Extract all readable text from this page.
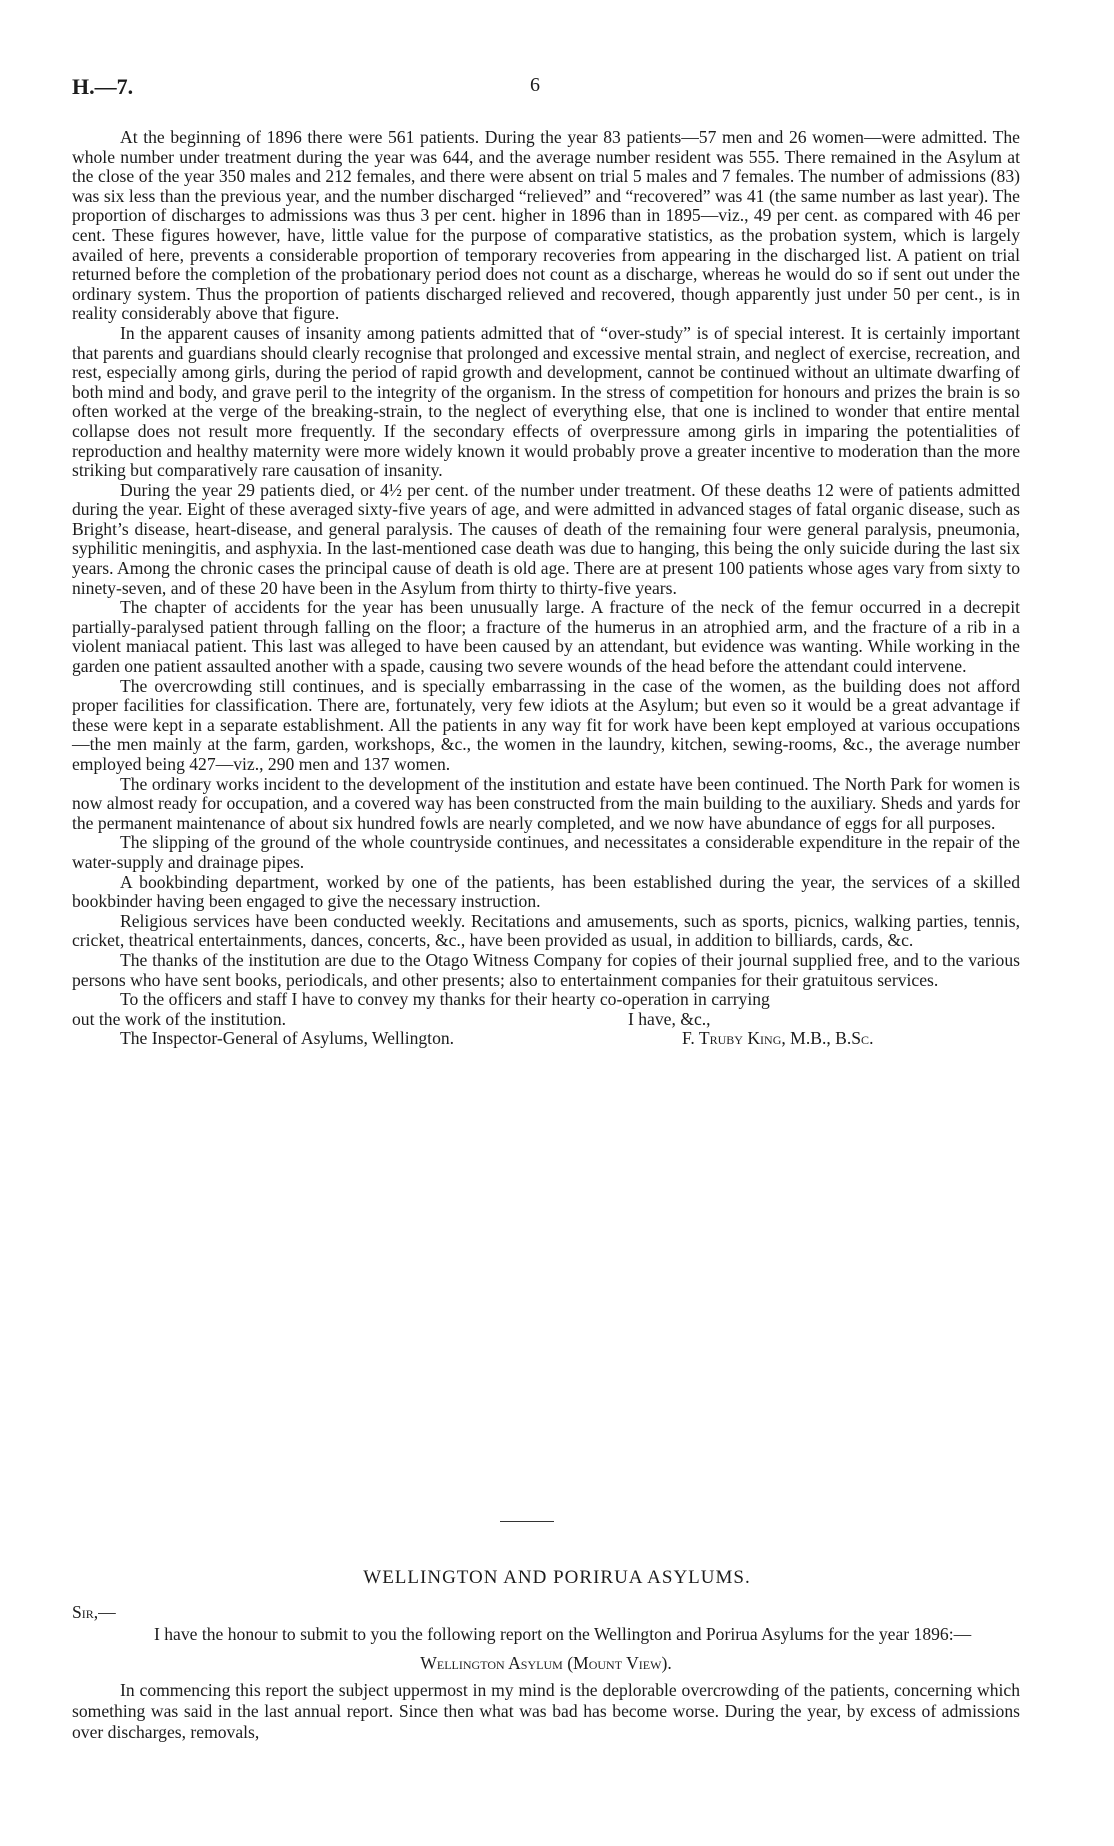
H.—7.	6

At the beginning of 1896 there were 561 patients. During the year 83 patients—57 men and 26 women—were admitted. The whole number under treatment during the year was 644, and the average number resident was 555. There remained in the Asylum at the close of the year 350 males and 212 females, and there were absent on trial 5 males and 7 females. The number of admissions (83) was six less than the previous year, and the number discharged “relieved” and “recovered” was 41 (the same number as last year). The proportion of discharges to admissions was thus 3 per cent. higher in 1896 than in 1895—viz., 49 per cent. as compared with 46 per cent. These figures however, have, little value for the purpose of comparative statistics, as the probation system, which is largely availed of here, prevents a considerable proportion of temporary recoveries from appearing in the discharged list. A patient on trial returned before the completion of the probationary period does not count as a discharge, whereas he would do so if sent out under the ordinary system. Thus the proportion of patients discharged relieved and recovered, though apparently just under 50 per cent., is in reality considerably above that figure.

In the apparent causes of insanity among patients admitted that of “over-study” is of special interest. It is certainly important that parents and guardians should clearly recognise that prolonged and excessive mental strain, and neglect of exercise, recreation, and rest, especially among girls, during the period of rapid growth and development, cannot be continued without an ultimate dwarfing of both mind and body, and grave peril to the integrity of the organism. In the stress of competition for honours and prizes the brain is so often worked at the verge of the breaking-strain, to the neglect of everything else, that one is inclined to wonder that entire mental collapse does not result more frequently. If the secondary effects of overpressure among girls in imparing the potentialities of reproduction and healthy maternity were more widely known it would probably prove a greater incentive to moderation than the more striking but comparatively rare causation of insanity.

During the year 29 patients died, or 4½ per cent. of the number under treatment. Of these deaths 12 were of patients admitted during the year. Eight of these averaged sixty-five years of age, and were admitted in advanced stages of fatal organic disease, such as Bright’s disease, heart-disease, and general paralysis. The causes of death of the remaining four were general paralysis, pneumonia, syphilitic meningitis, and asphyxia. In the last-mentioned case death was due to hanging, this being the only suicide during the last six years. Among the chronic cases the principal cause of death is old age. There are at present 100 patients whose ages vary from sixty to ninety-seven, and of these 20 have been in the Asylum from thirty to thirty-five years.

The chapter of accidents for the year has been unusually large. A fracture of the neck of the femur occurred in a decrepit partially-paralysed patient through falling on the floor; a fracture of the humerus in an atrophied arm, and the fracture of a rib in a violent maniacal patient. This last was alleged to have been caused by an attendant, but evidence was wanting. While working in the garden one patient assaulted another with a spade, causing two severe wounds of the head before the attendant could intervene.

The overcrowding still continues, and is specially embarrassing in the case of the women, as the building does not afford proper facilities for classification. There are, fortunately, very few idiots at the Asylum; but even so it would be a great advantage if these were kept in a separate establishment. All the patients in any way fit for work have been kept employed at various occupations—the men mainly at the farm, garden, workshops, &c., the women in the laundry, kitchen, sewing-rooms, &c., the average number employed being 427—viz., 290 men and 137 women.

The ordinary works incident to the development of the institution and estate have been continued. The North Park for women is now almost ready for occupation, and a covered way has been constructed from the main building to the auxiliary. Sheds and yards for the permanent maintenance of about six hundred fowls are nearly completed, and we now have abundance of eggs for all purposes.

The slipping of the ground of the whole countryside continues, and necessitates a considerable expenditure in the repair of the water-supply and drainage pipes.

A bookbinding department, worked by one of the patients, has been established during the year, the services of a skilled bookbinder having been engaged to give the necessary instruction.

Religious services have been conducted weekly. Recitations and amusements, such as sports, picnics, walking parties, tennis, cricket, theatrical entertainments, dances, concerts, &c., have been provided as usual, in addition to billiards, cards, &c.

The thanks of the institution are due to the Otago Witness Company for copies of their journal supplied free, and to the various persons who have sent books, periodicals, and other presents; also to entertainment companies for their gratuitous services.

To the officers and staff I have to convey my thanks for their hearty co-operation in carrying

out the work of the institution.	I have, &c.,
The Inspector-General of Asylums, Wellington.	F. Truby King, M.B., B.Sc.
WELLINGTON AND PORIRUA ASYLUMS.
Sir,—

I have the honour to submit to you the following report on the Wellington and Porirua Asylums for the year 1896:—

Wellington Asylum (Mount View).

In commencing this report the subject uppermost in my mind is the deplorable overcrowding of the patients, concerning which something was said in the last annual report. Since then what was bad has become worse. During the year, by excess of admissions over discharges, removals,
